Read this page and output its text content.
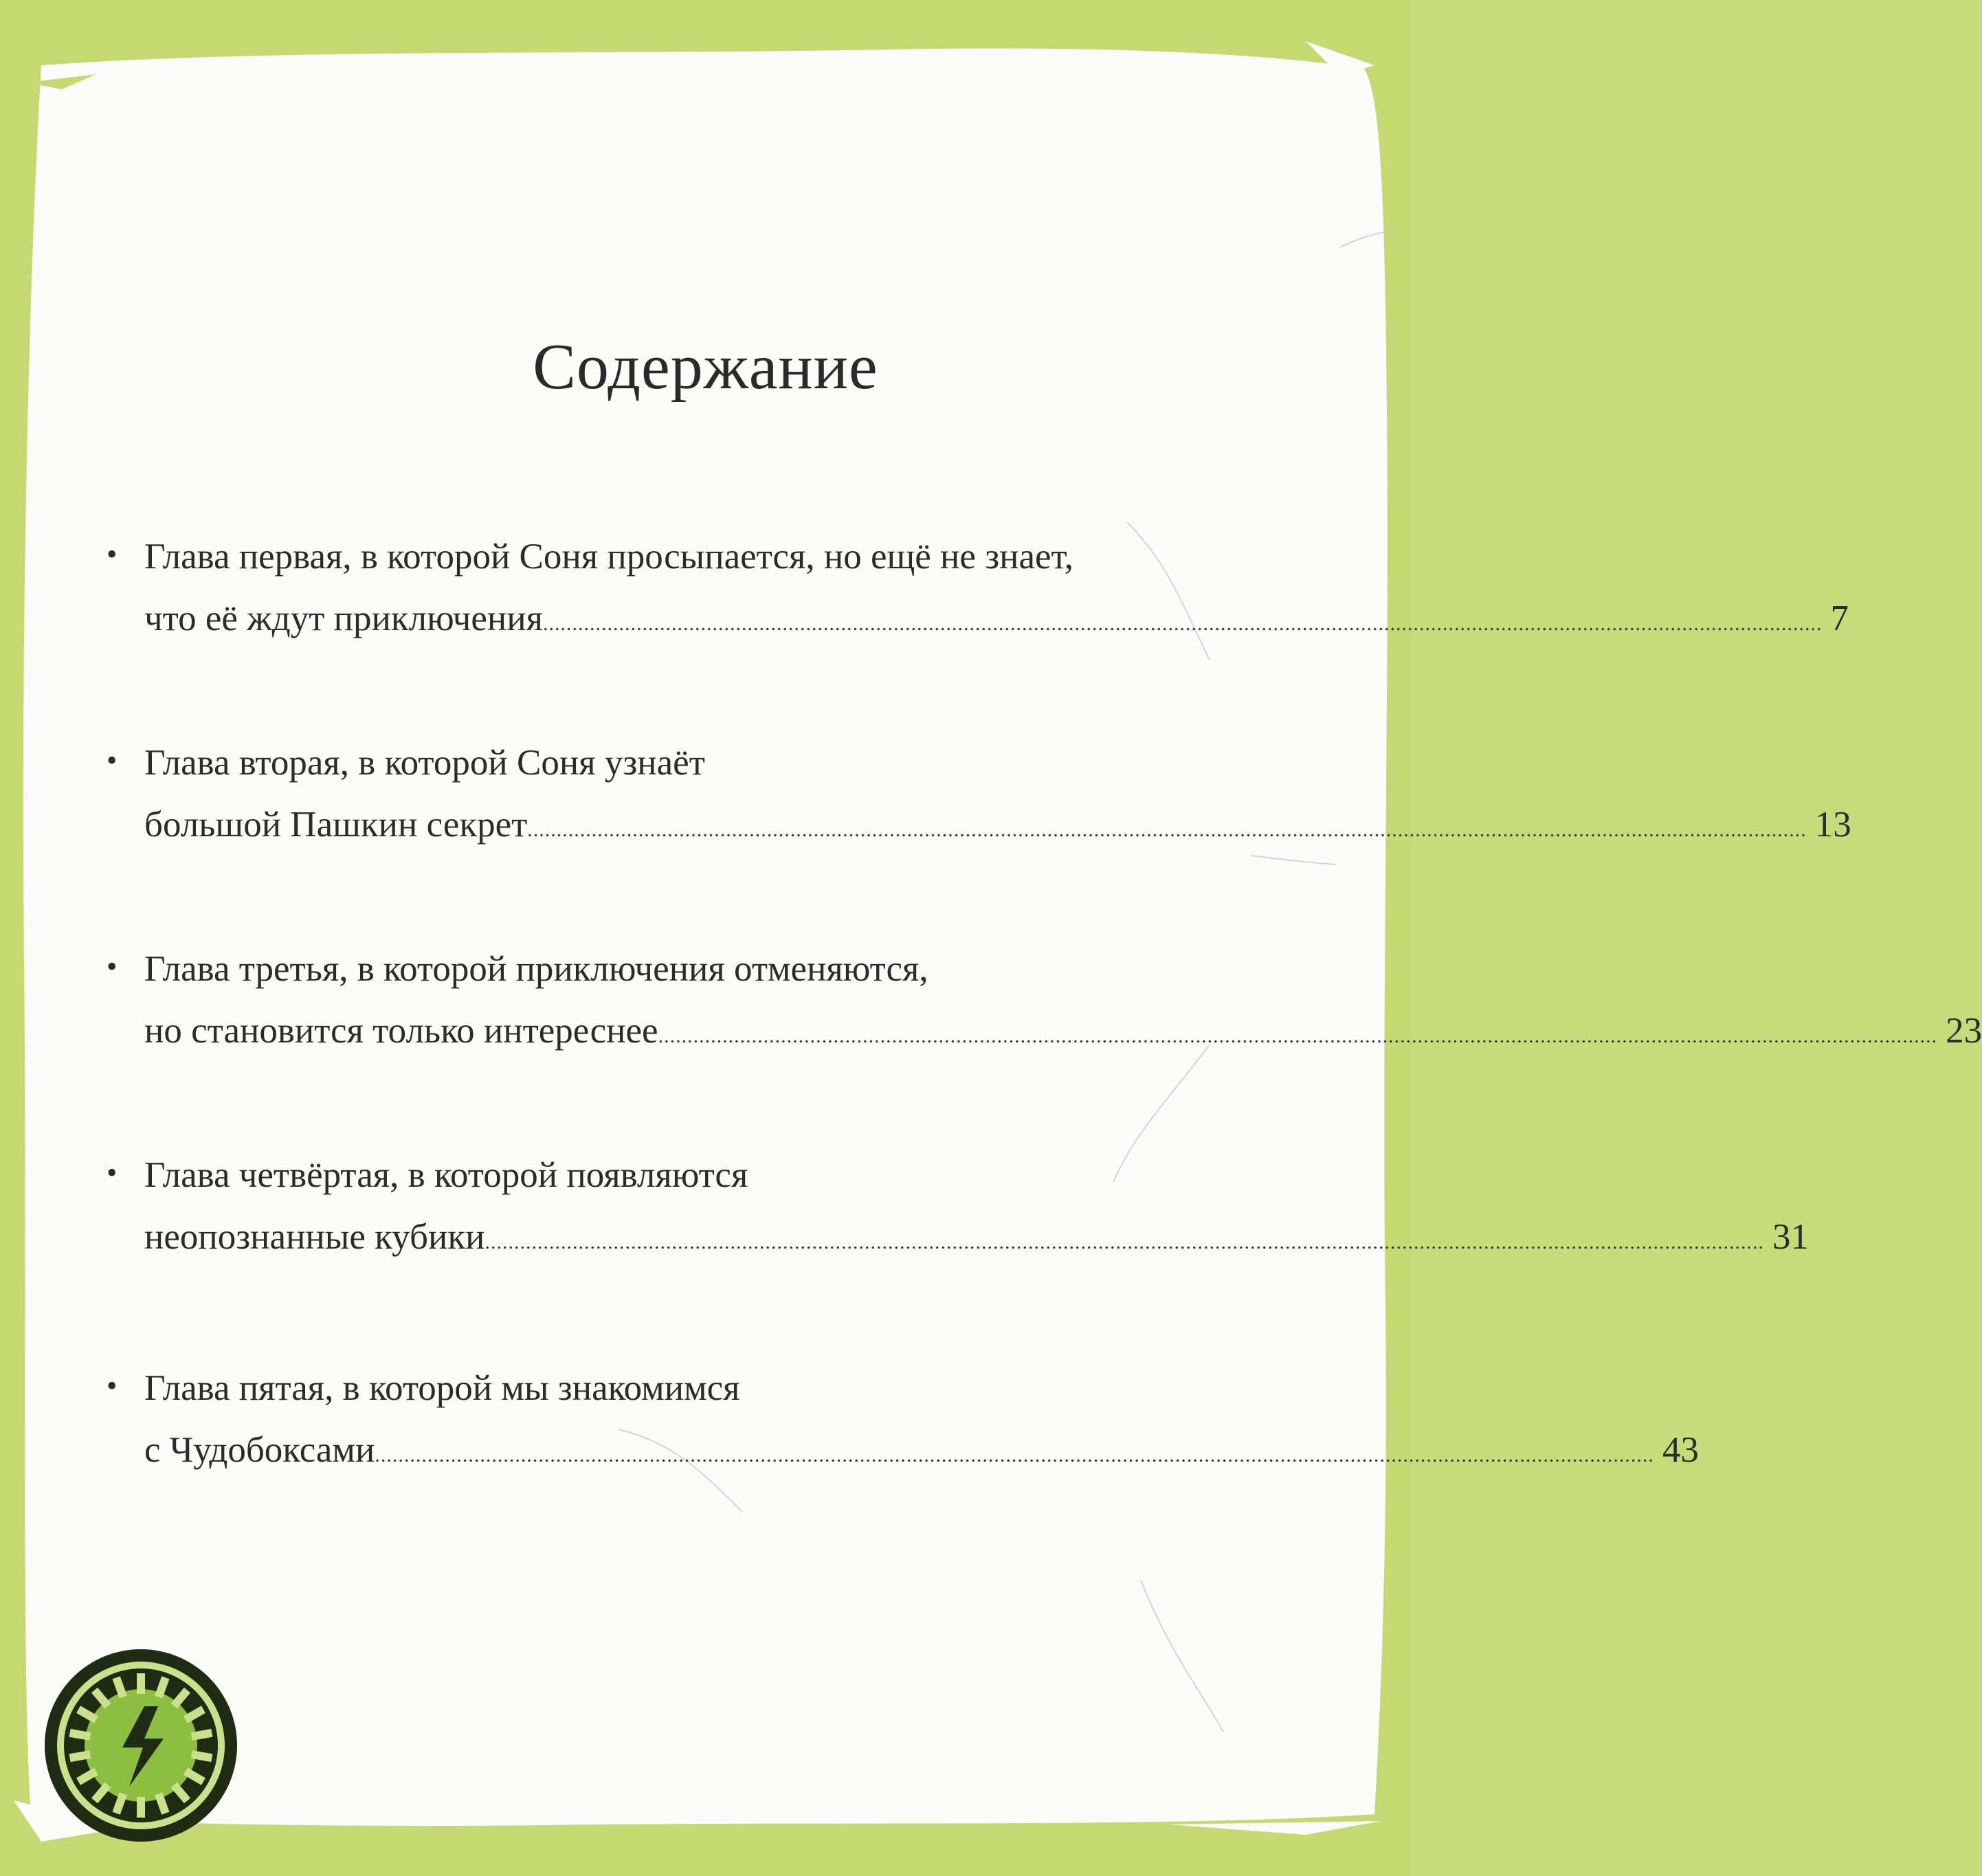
Содержание
• Глава первая, в которой Соня просыпается, но ещё не знает,
что её ждут приключения ........................................................................................................................................................................................................................... 7
• Глава вторая, в которой Соня узнаёт
большой Пашкин секрет ........................................................................................................................................................................................................................... 13
• Глава третья, в которой приключения отменяются,
но становится только интереснее ........................................................................................................................................................................................................................... 23
• Глава четвёртая, в которой появляются
неопознанные кубики ........................................................................................................................................................................................................................... 31
• Глава пятая, в которой мы знакомимся
с Чудобоксами ........................................................................................................................................................................................................................... 43
